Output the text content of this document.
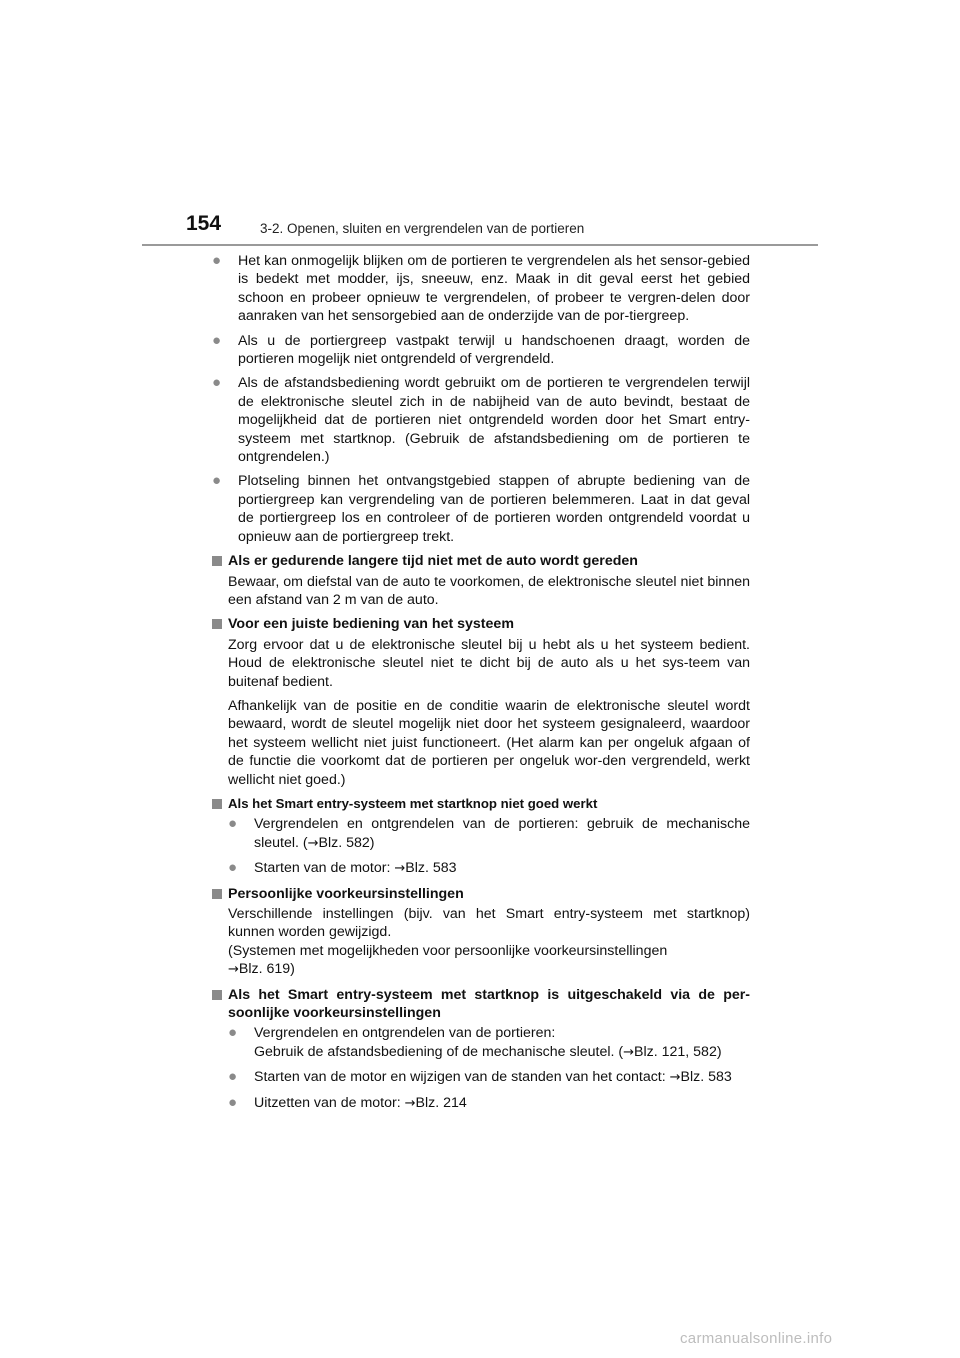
154	3-2. Openen, sluiten en vergrendelen van de portieren
● Het kan onmogelijk blijken om de portieren te vergrendelen als het sensor-gebied is bedekt met modder, ijs, sneeuw, enz. Maak in dit geval eerst het gebied schoon en probeer opnieuw te vergrendelen, of probeer te vergren-delen door aanraken van het sensorgebied aan de onderzijde van de por-tiergreep.
● Als u de portiergreep vastpakt terwijl u handschoenen draagt, worden de portieren mogelijk niet ontgrendeld of vergrendeld.
● Als de afstandsbediening wordt gebruikt om de portieren te vergrendelen terwijl de elektronische sleutel zich in de nabijheid van de auto bevindt, bestaat de mogelijkheid dat de portieren niet ontgrendeld worden door het Smart entry-systeem met startknop. (Gebruik de afstandsbediening om de portieren te ontgrendelen.)
● Plotseling binnen het ontvangstgebied stappen of abrupte bediening van de portiergreep kan vergrendeling van de portieren belemmeren. Laat in dat geval de portiergreep los en controleer of de portieren worden ontgrendeld voordat u opnieuw aan de portiergreep trekt.
Als er gedurende langere tijd niet met de auto wordt gereden
Bewaar, om diefstal van de auto te voorkomen, de elektronische sleutel niet binnen een afstand van 2 m van de auto.
Voor een juiste bediening van het systeem
Zorg ervoor dat u de elektronische sleutel bij u hebt als u het systeem bedient. Houd de elektronische sleutel niet te dicht bij de auto als u het sys-teem van buitenaf bedient.
Afhankelijk van de positie en de conditie waarin de elektronische sleutel wordt bewaard, wordt de sleutel mogelijk niet door het systeem gesignaleerd, waardoor het systeem wellicht niet juist functioneert. (Het alarm kan per ongeluk afgaan of de functie die voorkomt dat de portieren per ongeluk wor-den vergrendeld, werkt wellicht niet goed.)
Als het Smart entry-systeem met startknop niet goed werkt
● Vergrendelen en ontgrendelen van de portieren: gebruik de mechanische sleutel. (→Blz. 582)
● Starten van de motor: →Blz. 583
Persoonlijke voorkeursinstellingen
Verschillende instellingen (bijv. van het Smart entry-systeem met startknop) kunnen worden gewijzigd.
(Systemen met mogelijkheden voor persoonlijke voorkeursinstellingen
→Blz. 619)
Als het Smart entry-systeem met startknop is uitgeschakeld via de per-soonlijke voorkeursinstellingen
● Vergrendelen en ontgrendelen van de portieren:
Gebruik de afstandsbediening of de mechanische sleutel. (→Blz. 121, 582)
● Starten van de motor en wijzigen van de standen van het contact: →Blz. 583
● Uitzetten van de motor: →Blz. 214
carmanualsonline.info
